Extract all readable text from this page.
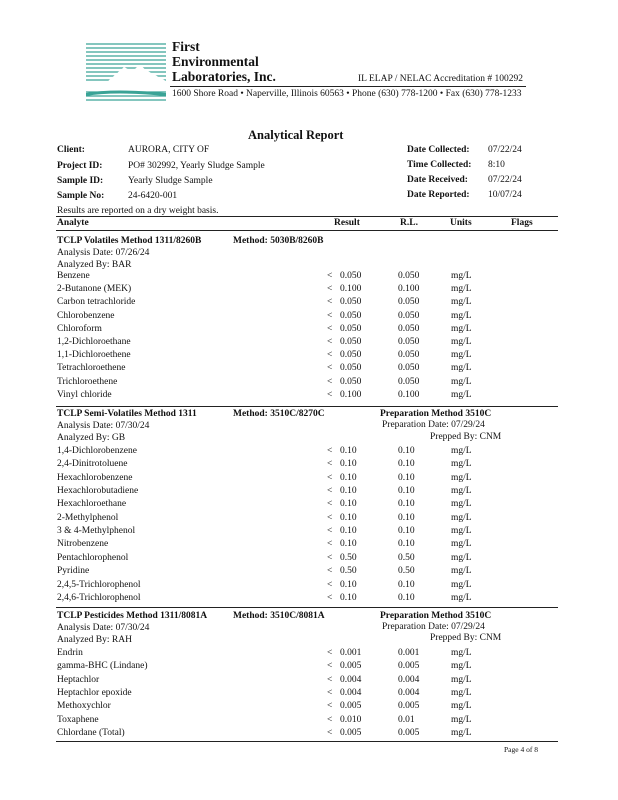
First
Environmental
Laboratories, Inc.	IL ELAP / NELAC Accreditation # 100292
1600 Shore Road • Naperville, Illinois 60563 • Phone (630) 778-1200 • Fax (630) 778-1233
Analytical Report
Client:	AURORA, CITY OF
Project ID:	PO# 302992, Yearly Sludge Sample
Sample ID:	Yearly Sludge Sample
Sample No:	24-6420-001
Date Collected: 07/22/24
Time Collected: 8:10
Date Received: 07/22/24
Date Reported: 10/07/24
Results are reported on a dry weight basis.
Analyte	Result	R.L.	Units	Flags
TCLP Volatiles Method 1311/8260B	Method: 5030B/8260B
Analysis Date: 07/26/24
Analyzed By: BAR
Benzene	< 0.050	0.050	mg/L
2-Butanone (MEK)	< 0.100	0.100	mg/L
Carbon tetrachloride	< 0.050	0.050	mg/L
Chlorobenzene	< 0.050	0.050	mg/L
Chloroform	< 0.050	0.050	mg/L
1,2-Dichloroethane	< 0.050	0.050	mg/L
1,1-Dichloroethene	< 0.050	0.050	mg/L
Tetrachloroethene	< 0.050	0.050	mg/L
Trichloroethene	< 0.050	0.050	mg/L
Vinyl chloride	< 0.100	0.100	mg/L
TCLP Semi-Volatiles Method 1311	Method: 3510C/8270C	Preparation Method 3510C
Analysis Date: 07/30/24	Preparation Date: 07/29/24
Analyzed By: GB	Prepped By: CNM
1,4-Dichlorobenzene	< 0.10	0.10	mg/L
2,4-Dinitrotoluene	< 0.10	0.10	mg/L
Hexachlorobenzene	< 0.10	0.10	mg/L
Hexachlorobutadiene	< 0.10	0.10	mg/L
Hexachloroethane	< 0.10	0.10	mg/L
2-Methylphenol	< 0.10	0.10	mg/L
3 & 4-Methylphenol	< 0.10	0.10	mg/L
Nitrobenzene	< 0.10	0.10	mg/L
Pentachlorophenol	< 0.50	0.50	mg/L
Pyridine	< 0.50	0.50	mg/L
2,4,5-Trichlorophenol	< 0.10	0.10	mg/L
2,4,6-Trichlorophenol	< 0.10	0.10	mg/L
TCLP Pesticides Method 1311/8081A	Method: 3510C/8081A	Preparation Method 3510C
Analysis Date: 07/30/24	Preparation Date: 07/29/24
Analyzed By: RAH	Prepped By: CNM
Endrin	< 0.001	0.001	mg/L
gamma-BHC (Lindane)	< 0.005	0.005	mg/L
Heptachlor	< 0.004	0.004	mg/L
Heptachlor epoxide	< 0.004	0.004	mg/L
Methoxychlor	< 0.005	0.005	mg/L
Toxaphene	< 0.010	0.01	mg/L
Chlordane (Total)	< 0.005	0.005	mg/L
Page 4 of 8
